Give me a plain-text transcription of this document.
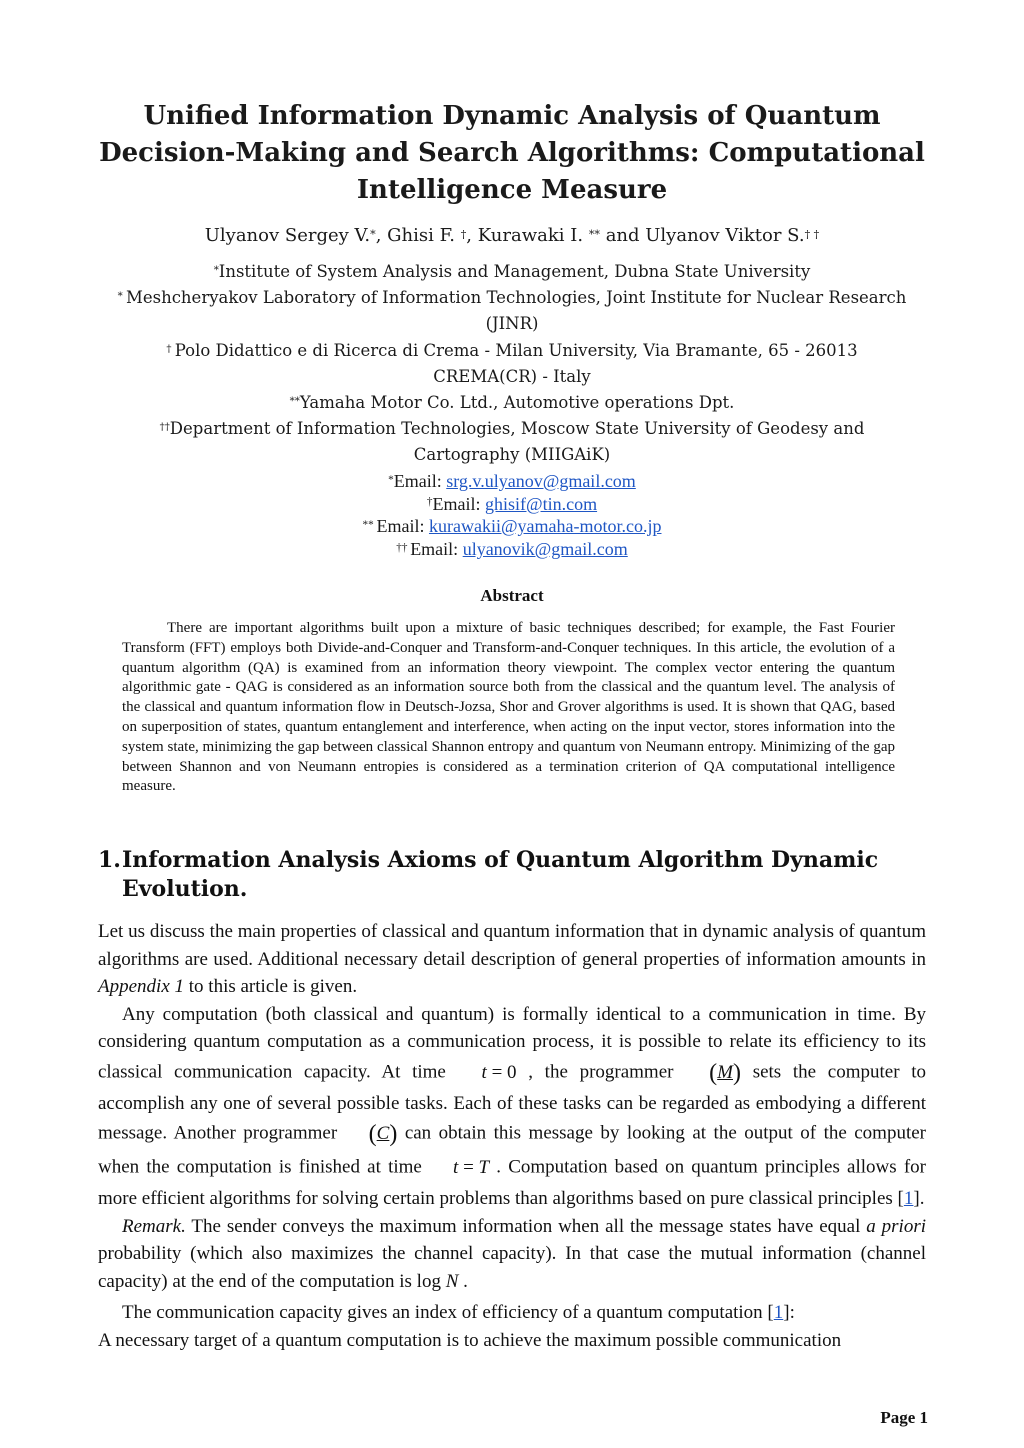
Unified Information Dynamic Analysis of Quantum
Decision-Making and Search Algorithms: Computational
Intelligence Measure
Ulyanov Sergey V.*, Ghisi F. †, Kurawaki I. ** and Ulyanov Viktor S.† †
*Institute of System Analysis and Management, Dubna State University
* Meshcheryakov Laboratory of Information Technologies, Joint Institute for Nuclear Research
(JINR)
† Polo Didattico e di Ricerca di Crema - Milan University, Via Bramante, 65 - 26013
CREMA(CR) - Italy
**Yamaha Motor Co. Ltd., Automotive operations Dpt.
††Department of Information Technologies, Moscow State University of Geodesy and
Cartography (MIIGAiK)
*Email: srg.v.ulyanov@gmail.com
†Email: ghisif@tin.com
** Email: kurawakii@yamaha-motor.co.jp
†† Email: ulyanovik@gmail.com
Abstract
There are important algorithms built upon a mixture of basic techniques described; for example, the Fast Fourier Transform (FFT) employs both Divide-and-Conquer and Transform-and-Conquer techniques. In this article, the evolution of a quantum algorithm (QA) is examined from an information theory viewpoint. The complex vector entering the quantum algorithmic gate - QAG is considered as an information source both from the classical and the quantum level. The analysis of the classical and quantum information flow in Deutsch-Jozsa, Shor and Grover algorithms is used. It is shown that QAG, based on superposition of states, quantum entanglement and interference, when acting on the input vector, stores information into the system state, minimizing the gap between classical Shannon entropy and quantum von Neumann entropy. Minimizing of the gap between Shannon and von Neumann entropies is considered as a termination criterion of QA computational intelligence measure.
1. Information Analysis Axioms of Quantum Algorithm Dynamic Evolution.

Let us discuss the main properties of classical and quantum information that in dynamic analysis of quantum algorithms are used. Additional necessary detail description of general properties of information amounts in Appendix 1 to this article is given.

Any computation (both classical and quantum) is formally identical to a communication in time. By considering quantum computation as a communication process, it is possible to relate its efficiency to its classical communication capacity. At time t = 0 , the programmer (M) sets the computer to accomplish any one of several possible tasks. Each of these tasks can be regarded as embodying a different message. Another programmer (C) can obtain this message by looking at the output of the computer when the computation is finished at time t = T . Computation based on quantum principles allows for more efficient algorithms for solving certain problems than algorithms based on pure classical principles [1].

Remark. The sender conveys the maximum information when all the message states have equal a priori probability (which also maximizes the channel capacity). In that case the mutual information (channel capacity) at the end of the computation is log N .

The communication capacity gives an index of efficiency of a quantum computation [1]:

A necessary target of a quantum computation is to achieve the maximum possible communication

Page 1
